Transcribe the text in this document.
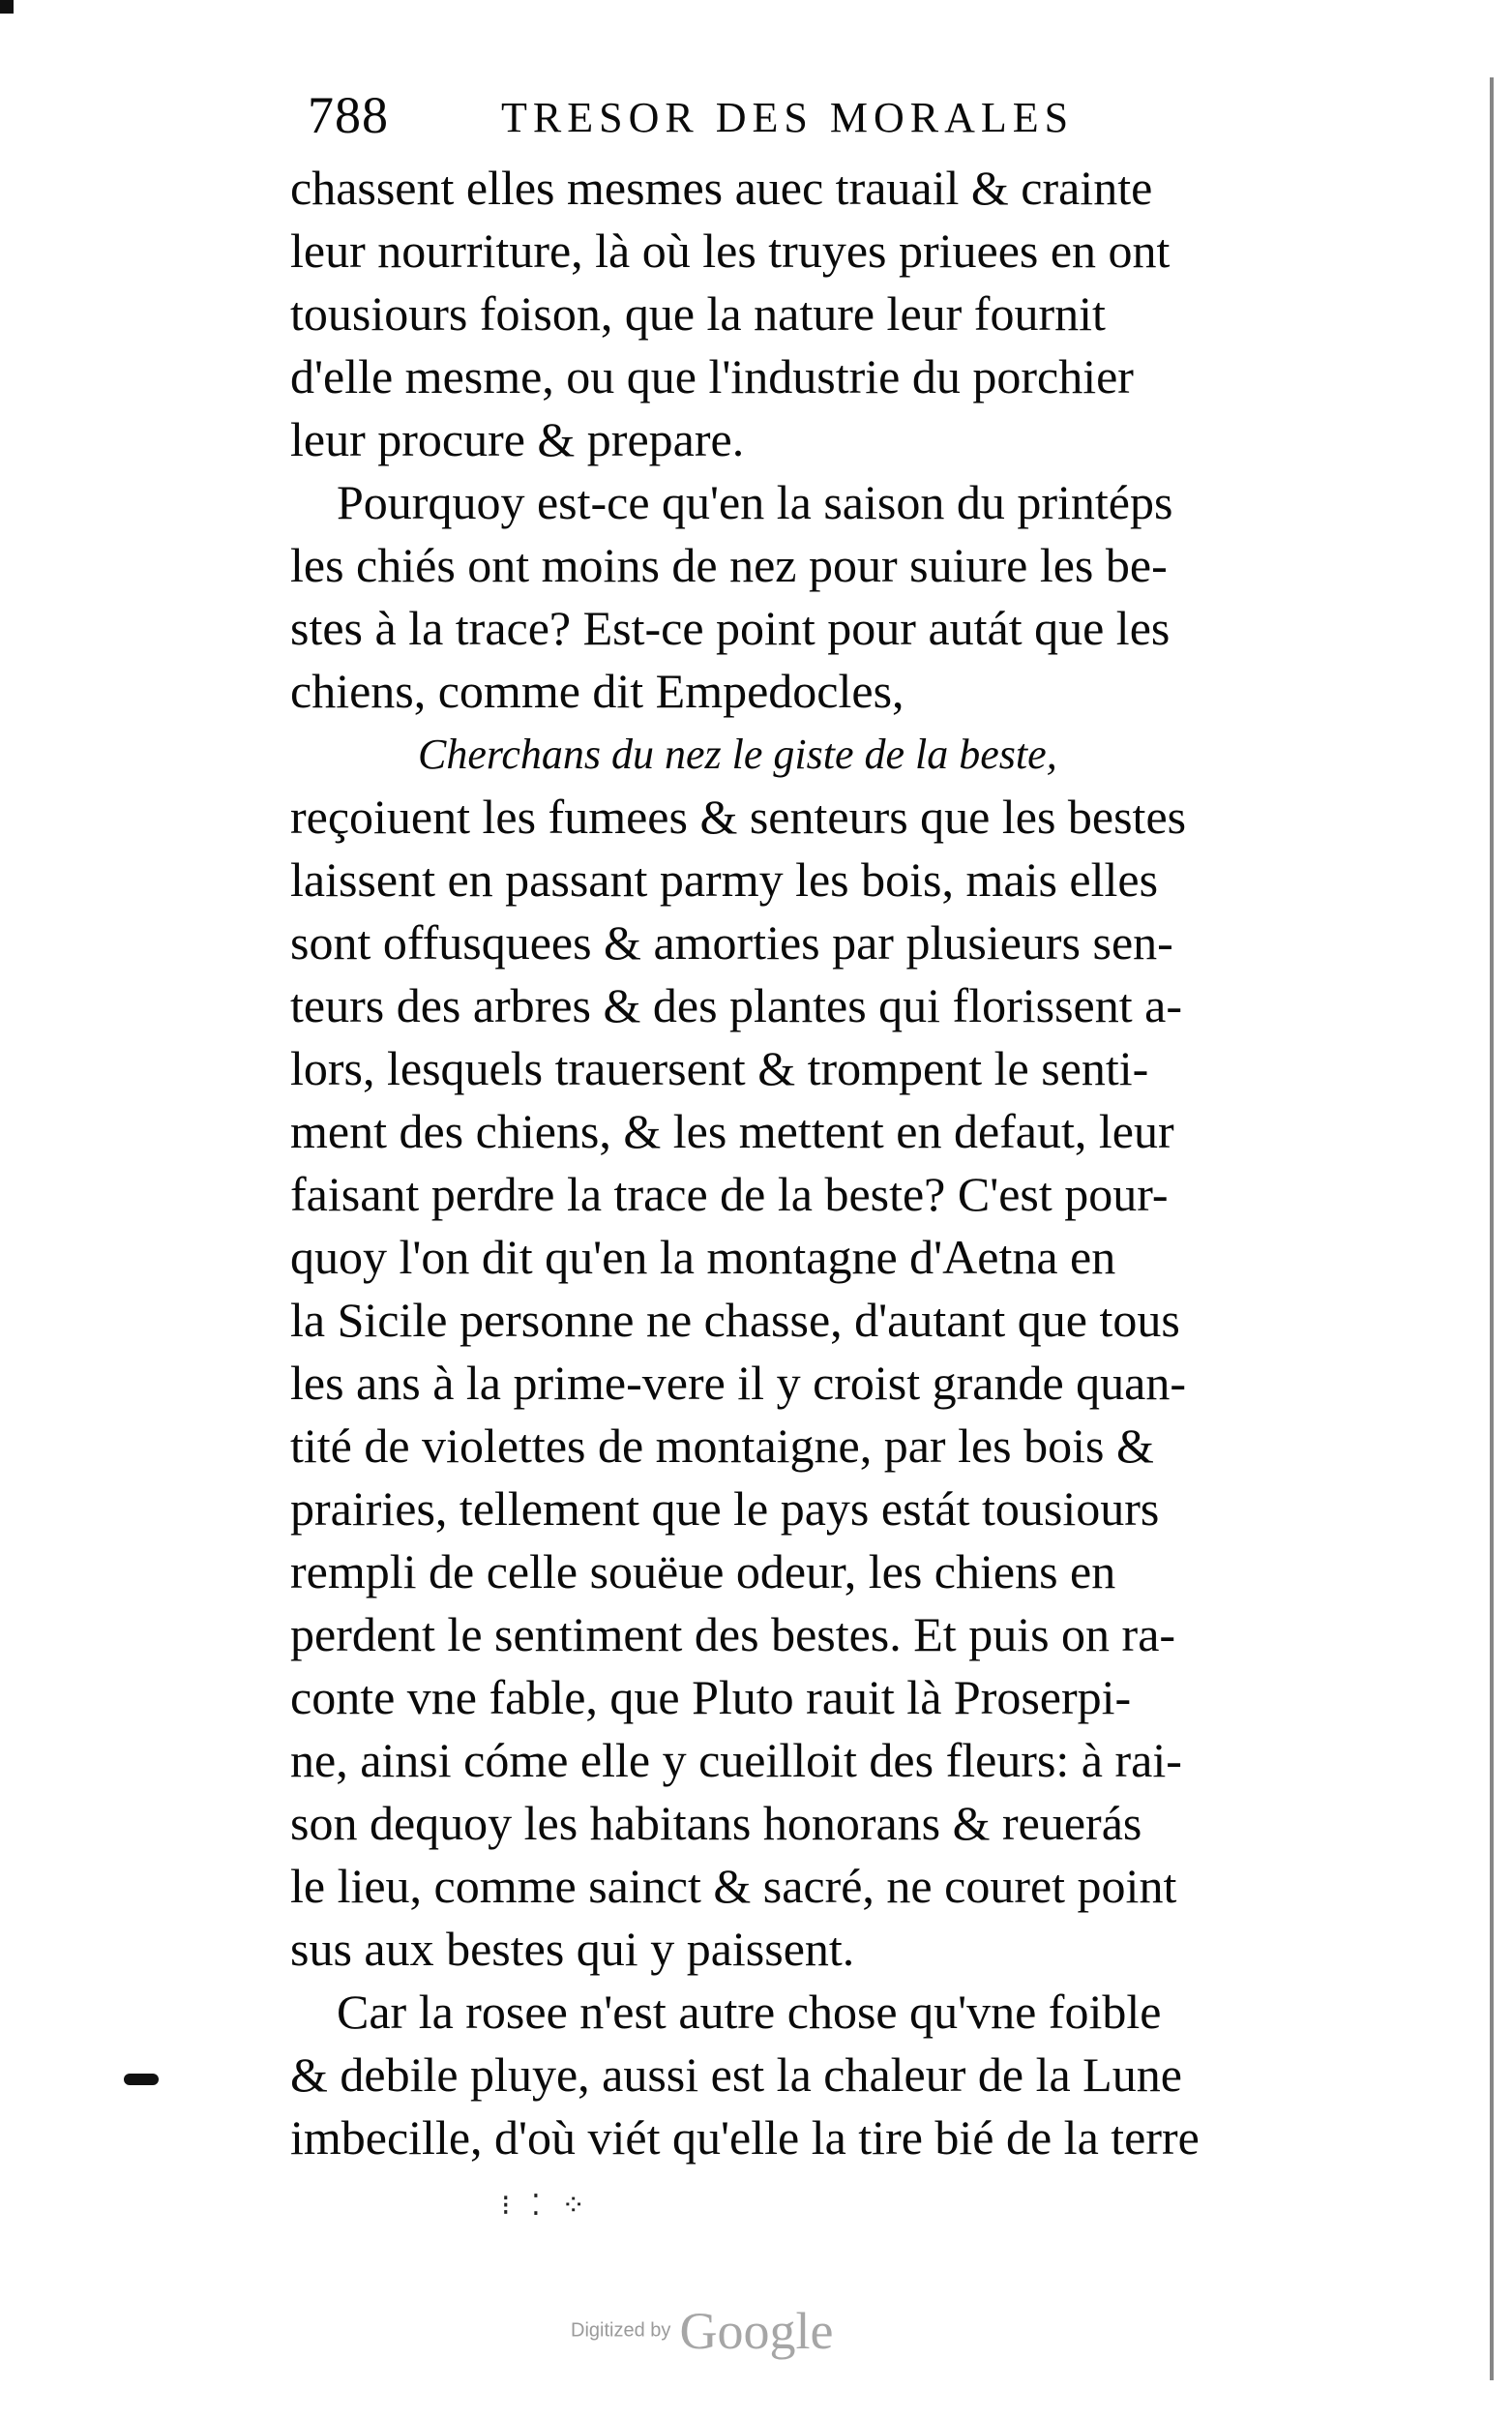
788	TRESOR DES MORALES
chassent elles mesmes auec trauail & crainte
leur nourriture, là où les truyes priuees en ont
tousiours foison, que la nature leur fournit
d'elle mesme, ou que l'industrie du porchier
leur procure & prepare.
Pourquoy est-ce qu'en la saison du printéps
les chiés ont moins de nez pour suiure les be-
stes à la trace? Est-ce point pour autát que les
chiens, comme dit Empedocles,
Cherchans du nez le giste de la beste,
reçoiuent les fumees & senteurs que les bestes
laissent en passant parmy les bois, mais elles
sont offusquees & amorties par plusieurs sen-
teurs des arbres & des plantes qui florissent a-
lors, lesquels trauersent & trompent le senti-
ment des chiens, & les mettent en defaut, leur
faisant perdre la trace de la beste? C'est pour-
quoy l'on dit qu'en la montagne d'Aetna en
la Sicile personne ne chasse, d'autant que tous
les ans à la prime-vere il y croist grande quan-
tité de violettes de montaigne, par les bois &
prairies, tellement que le pays estát tousiours
rempli de celle souëue odeur, les chiens en
perdent le sentiment des bestes. Et puis on ra-
conte vne fable, que Pluto rauit là Proserpi-
ne, ainsi cóme elle y cueilloit des fleurs: à rai-
son dequoy les habitans honorans & reuerás
le lieu, comme sainct & sacré, ne couret point
sus aux bestes qui y paissent.
Car la rosee n'est autre chose qu'vne foible
& debile pluye, aussi est la chaleur de la Lune
imbecille, d'où viét qu'elle la tire bié de la terre
⁝ ⁚ ⁘
Digitized by Google
